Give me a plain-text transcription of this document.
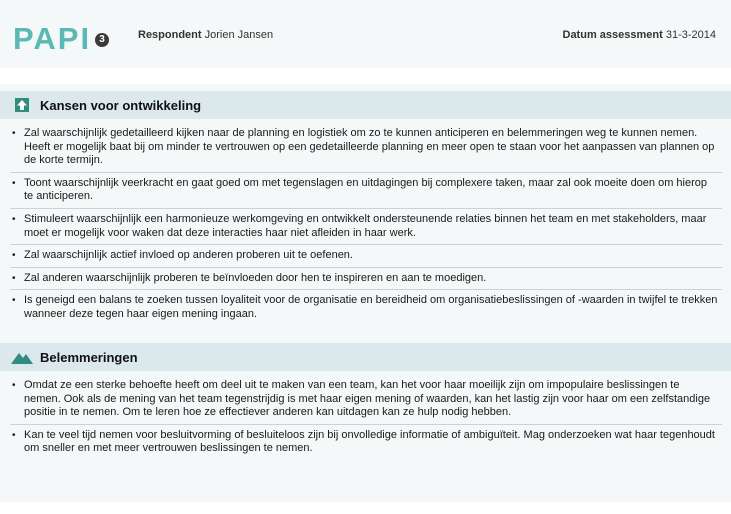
PAPI 3	Respondent Jorien Jansen	Datum assessment 31-3-2014
Kansen voor ontwikkeling
• Zal waarschijnlijk gedetailleerd kijken naar de planning en logistiek om zo te kunnen anticiperen en belemmeringen weg te kunnen nemen. Heeft er mogelijk baat bij om minder te vertrouwen op een gedetailleerde planning en meer open te staan voor het aanpassen van plannen op de korte termijn.
• Toont waarschijnlijk veerkracht en gaat goed om met tegenslagen en uitdagingen bij complexere taken, maar zal ook moeite doen om hierop te anticiperen.
• Stimuleert waarschijnlijk een harmonieuze werkomgeving en ontwikkelt ondersteunende relaties binnen het team en met stakeholders, maar moet er mogelijk voor waken dat deze interacties haar niet afleiden in haar werk.
• Zal waarschijnlijk actief invloed op anderen proberen uit te oefenen.
• Zal anderen waarschijnlijk proberen te beïnvloeden door hen te inspireren en aan te moedigen.
• Is geneigd een balans te zoeken tussen loyaliteit voor de organisatie en bereidheid om organisatiebeslissingen of -waarden in twijfel te trekken wanneer deze tegen haar eigen mening ingaan.
Belemmeringen
• Omdat ze een sterke behoefte heeft om deel uit te maken van een team, kan het voor haar moeilijk zijn om impopulaire beslissingen te nemen. Ook als de mening van het team tegenstrijdig is met haar eigen mening of waarden, kan het lastig zijn voor haar om een zelfstandige positie in te nemen. Om te leren hoe ze effectiever anderen kan uitdagen kan ze hulp nodig hebben.
• Kan te veel tijd nemen voor besluitvorming of besluiteloos zijn bij onvolledige informatie of ambiguïteit. Mag onderzoeken wat haar tegenhoudt om sneller en met meer vertrouwen beslissingen te nemen.
